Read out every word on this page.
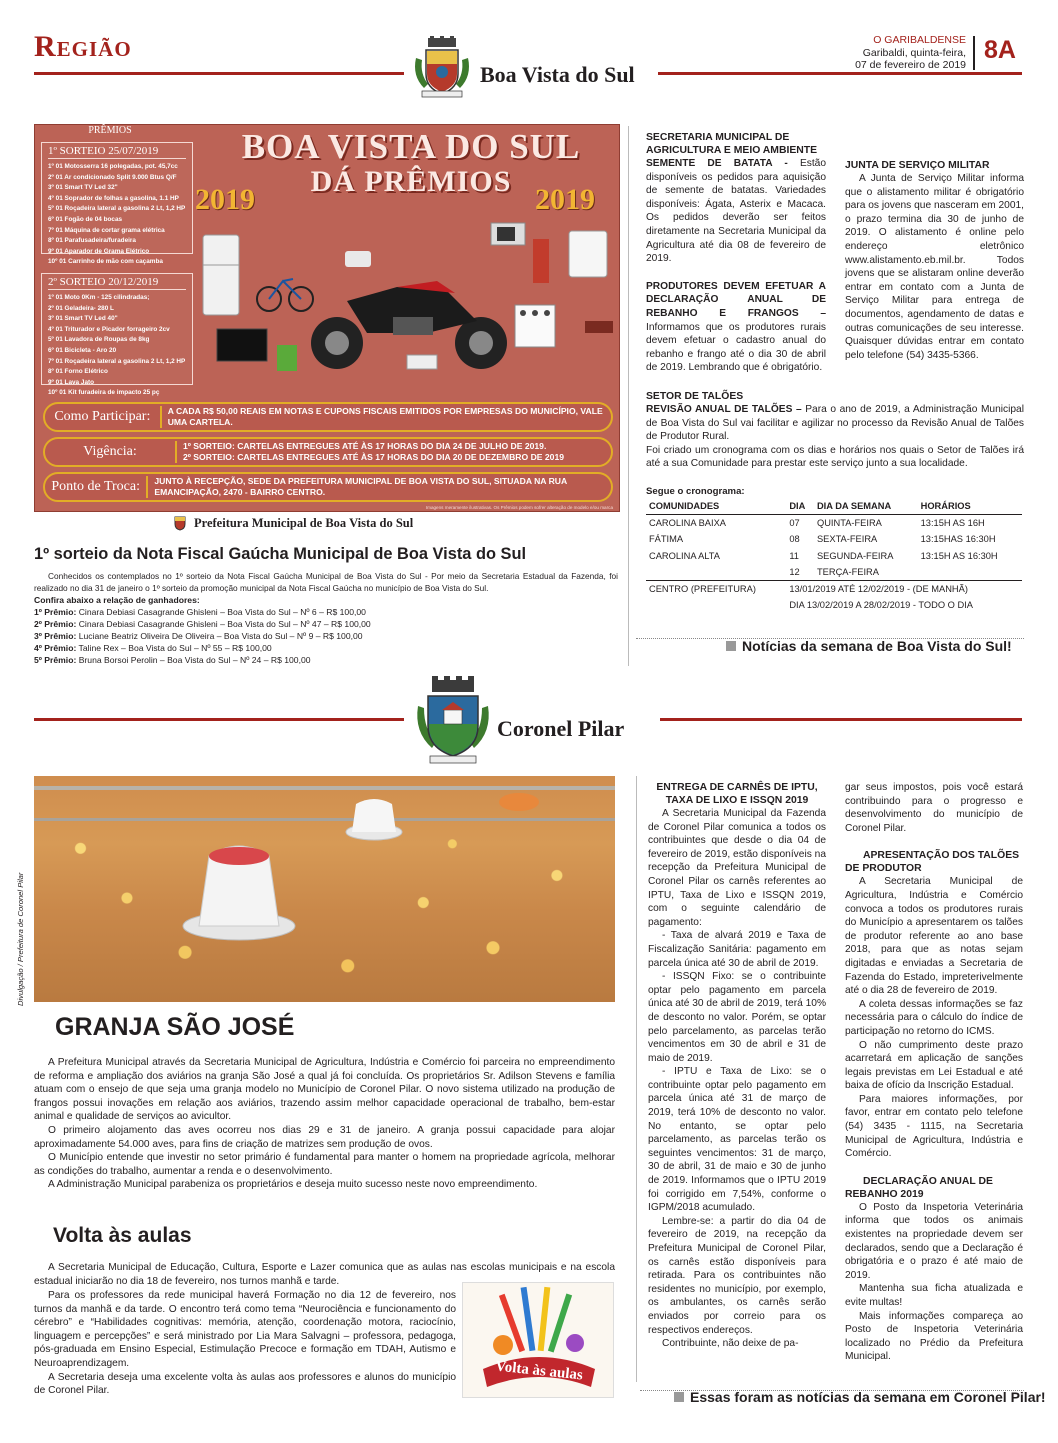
Região
Boa Vista do Sul
O GARIBALDENSE
Garibaldi, quinta-feira,
07 de fevereiro de 2019
8A
PRÊMIOS
1º SORTEIO 25/07/2019
1º 01 Motosserra 16 polegadas, pot. 45,7cc
2º 01 Ar condicionado Split 9.000 Btus Q/F
3º 01 Smart TV Led 32"
4º 01 Soprador de folhas a gasolina, 1.1 HP
5º 01 Roçadeira lateral a gasolina 2 Lt, 1,2 HP
6º 01 Fogão de 04 bocas
7º 01 Máquina de cortar grama elétrica
8º 01 Parafusadeira/furadeira
9º 01 Aparador de Grama Elétrico
10º 01 Carrinho de mão com caçamba
2º SORTEIO 20/12/2019
1º 01 Moto 0Km - 125 cilindradas;
2º 01 Geladeira- 280 L
3º 01 Smart TV Led 40"
4º 01 Triturador e Picador forrageiro 2cv
5º 01 Lavadora de Roupas de 8kg
6º 01 Bicicleta - Aro 20
7º 01 Roçadeira lateral a gasolina 2 Lt, 1,2 HP
8º 01 Forno Elétrico
9º 01 Lava Jato
10º 01 Kit furadeira de impacto 25 pç
BOA VISTA DO SUL
DÁ PRÊMIOS
2019	2019
Como Participar:	A CADA R$ 50,00 REAIS EM NOTAS E CUPONS FISCAIS EMITIDOS POR EMPRESAS DO MUNICÍPIO, VALE UMA CARTELA.
Vigência:	1º SORTEIO: CARTELAS ENTREGUES ATÉ ÀS 17 HORAS DO DIA 24 DE JULHO DE 2019.
2º SORTEIO: CARTELAS ENTREGUES ATÉ ÀS 17 HORAS DO DIA 20 DE DEZEMBRO DE 2019
Ponto de Troca:	JUNTO À RECEPÇÃO, SEDE DA PREFEITURA MUNICIPAL DE BOA VISTA DO SUL, SITUADA NA RUA EMANCIPAÇÃO, 2470 - BAIRRO CENTRO.
Imagens meramente ilustrativas. Os Prêmios podem sofrer alteração de modelo e/ou marca
Prefeitura Municipal de Boa Vista do Sul
1º sorteio da Nota Fiscal Gaúcha Municipal de Boa Vista do Sul

Conhecidos os contemplados no 1º sorteio da Nota Fiscal Gaúcha Municipal de Boa Vista do Sul - Por meio da Secretaria Estadual da Fazenda, foi realizado no dia 31 de janeiro o 1º sorteio da promoção municipal da Nota Fiscal Gaúcha no município de Boa Vista do Sul.

Confira abaixo a relação de ganhadores:
1º Prêmio: Cinara Debiasi Casagrande Ghisleni – Boa Vista do Sul – Nº 6 – R$ 100,00
2º Prêmio: Cinara Debiasi Casagrande Ghisleni – Boa Vista do Sul – Nº 47 – R$ 100,00
3º Prêmio: Luciane Beatriz Oliveira De Oliveira – Boa Vista do Sul – Nº 9 – R$ 100,00
4º Prêmio: Taline Rex – Boa Vista do Sul – Nº 55 – R$ 100,00
5º Prêmio: Bruna Borsoi Perolin – Boa Vista do Sul – Nº 24 – R$ 100,00
SECRETARIA MUNICIPAL DE AGRICULTURA E MEIO AMBIENTE

SEMENTE DE BATATA - Estão disponíveis os pedidos para aquisição de semente de batatas. Variedades disponíveis: Ágata, Asterix e Macaca. Os pedidos deverão ser feitos diretamente na Secretaria Municipal da Agricultura até dia 08 de fevereiro de 2019.

PRODUTORES DEVEM EFETUAR A DECLARAÇÃO ANUAL DE REBANHO E FRANGOS – Informamos que os produtores rurais devem efetuar o cadastro anual do rebanho e frango até o dia 30 de abril de 2019. Lembrando que é obrigatório.

JUNTA DE SERVIÇO MILITAR

A Junta de Serviço Militar informa que o alistamento militar é obrigatório para os jovens que nasceram em 2001, o prazo termina dia 30 de junho de 2019. O alistamento é online pelo endereço eletrônico www.alistamento.eb.mil.br. Todos jovens que se alistaram online deverão entrar em contato com a Junta de Serviço Militar para entrega de documentos, agendamento de datas e outras comunicações de seu interesse. Quaisquer dúvidas entrar em contato pelo telefone (54) 3435-5366.

SETOR DE TALÕES

REVISÃO ANUAL DE TALÕES – Para o ano de 2019, a Administração Municipal de Boa Vista do Sul vai facilitar e agilizar no processo da Revisão Anual de Talões de Produtor Rural.

Foi criado um cronograma com os dias e horários nos quais o Setor de Talões irá até a sua Comunidade para prestar este serviço junto a sua localidade.

Segue o cronograma:
COMUNIDADES	DIA	DIA DA SEMANA	HORÁRIOS
CAROLINA BAIXA	07	QUINTA-FEIRA	13:15H AS 16H
FÁTIMA	08	SEXTA-FEIRA	13:15HAS 16:30H
CAROLINA ALTA	11	SEGUNDA-FEIRA	13:15H AS 16:30H
	12	TERÇA-FEIRA	
CENTRO (PREFEITURA)	13/01/2019 ATÉ 12/02/2019 - (DE MANHÃ)		
	DIA 13/02/2019 A 28/02/2019 - TODO O DIA		
Notícias da semana de Boa Vista do Sul!
Coronel Pilar
Divulgação / Prefeitura de Coronel Pilar
GRANJA SÃO JOSÉ

A Prefeitura Municipal através da Secretaria Municipal de Agricultura, Indústria e Comércio foi parceira no empreendimento de reforma e ampliação dos aviários na granja São José a qual já foi concluída. Os proprietários Sr. Adilson Stevens e família atuam com o ensejo de que seja uma granja modelo no Município de Coronel Pilar. O novo sistema utilizado na produção de frangos possui inovações em relação aos aviários, trazendo assim melhor capacidade operacional de trabalho, bem-estar animal e qualidade de serviços ao avicultor.

O primeiro alojamento das aves ocorreu nos dias 29 e 31 de janeiro. A granja possui capacidade para alojar aproximadamente 54.000 aves, para fins de criação de matrizes sem produção de ovos.

O Município entende que investir no setor primário é fundamental para manter o homem na propriedade agrícola, melhorar as condições do trabalho, aumentar a renda e o desenvolvimento.

A Administração Municipal parabeniza os proprietários e deseja muito sucesso neste novo empreendimento.

Volta às aulas

A Secretaria Municipal de Educação, Cultura, Esporte e Lazer comunica que as aulas nas escolas municipais e na escola estadual iniciarão no dia 18 de fevereiro, nos turnos manhã e tarde.

Para os professores da rede municipal haverá Formação no dia 12 de fevereiro, nos turnos da manhã e da tarde. O encontro terá como tema “Neurociência e funcionamento do cérebro” e “Habilidades cognitivas: memória, atenção, coordenação motora, raciocínio, linguagem e percepções” e será ministrado por Lia Mara Salvagni – professora, pedagoga, pós-graduada em Ensino Especial, Estimulação Precoce e formação em TDAH, Autismo e Neuroaprendizagem.

A Secretaria deseja uma excelente volta às aulas aos professores e alunos do município de Coronel Pilar.

Volta às aulas
ENTREGA DE CARNÊS DE IPTU, TAXA DE LIXO E ISSQN 2019

A Secretaria Municipal da Fazenda de Coronel Pilar comunica a todos os contribuintes que desde o dia 04 de fevereiro de 2019, estão disponíveis na recepção da Prefeitura Municipal de Coronel Pilar os carnês referentes ao IPTU, Taxa de Lixo e ISSQN 2019, com o seguinte calendário de pagamento:

- Taxa de alvará 2019 e Taxa de Fiscalização Sanitária: pagamento em parcela única até 30 de abril de 2019.

- ISSQN Fixo: se o contribuinte optar pelo pagamento em parcela única até 30 de abril de 2019, terá 10% de desconto no valor. Porém, se optar pelo parcelamento, as parcelas terão vencimentos em 30 de abril e 31 de maio de 2019.

- IPTU e Taxa de Lixo: se o contribuinte optar pelo pagamento em parcela única até 31 de março de 2019, terá 10% de desconto no valor. No entanto, se optar pelo parcelamento, as parcelas terão os seguintes vencimentos: 31 de março, 30 de abril, 31 de maio e 30 de junho de 2019. Informamos que o IPTU 2019 foi corrigido em 7,54%, conforme o IGPM/2018 acumulado.

Lembre-se: a partir do dia 04 de fevereiro de 2019, na recepção da Prefeitura Municipal de Coronel Pilar, os carnês estão disponíveis para retirada. Para os contribuintes não residentes no município, por exemplo, os ambulantes, os carnês serão enviados por correio para os respectivos endereços.

Contribuinte, não deixe de pa-

gar seus impostos, pois você estará contribuindo para o progresso e desenvolvimento do município de Coronel Pilar.

APRESENTAÇÃO DOS TALÕES DE PRODUTOR

A Secretaria Municipal de Agricultura, Indústria e Comércio convoca a todos os produtores rurais do Município a apresentarem os talões de produtor referente ao ano base 2018, para que as notas sejam digitadas e enviadas a Secretaria de Fazenda do Estado, impreterivelmente até o dia 28 de fevereiro de 2019.

A coleta dessas informações se faz necessária para o cálculo do índice de participação no retorno do ICMS.

O não cumprimento deste prazo acarretará em aplicação de sanções legais previstas em Lei Estadual e até baixa de ofício da Inscrição Estadual.

Para maiores informações, por favor, entrar em contato pelo telefone (54) 3435 - 1115, na Secretaria Municipal de Agricultura, Indústria e Comércio.

DECLARAÇÃO ANUAL DE REBANHO 2019

O Posto da Inspetoria Veterinária informa que todos os animais existentes na propriedade devem ser declarados, sendo que a Declaração é obrigatória e o prazo é até maio de 2019.

Mantenha sua ficha atualizada e evite multas!

Mais informações compareça ao Posto de Inspetoria Veterinária localizado no Prédio da Prefeitura Municipal.

Essas foram as notícias da semana em Coronel Pilar!
